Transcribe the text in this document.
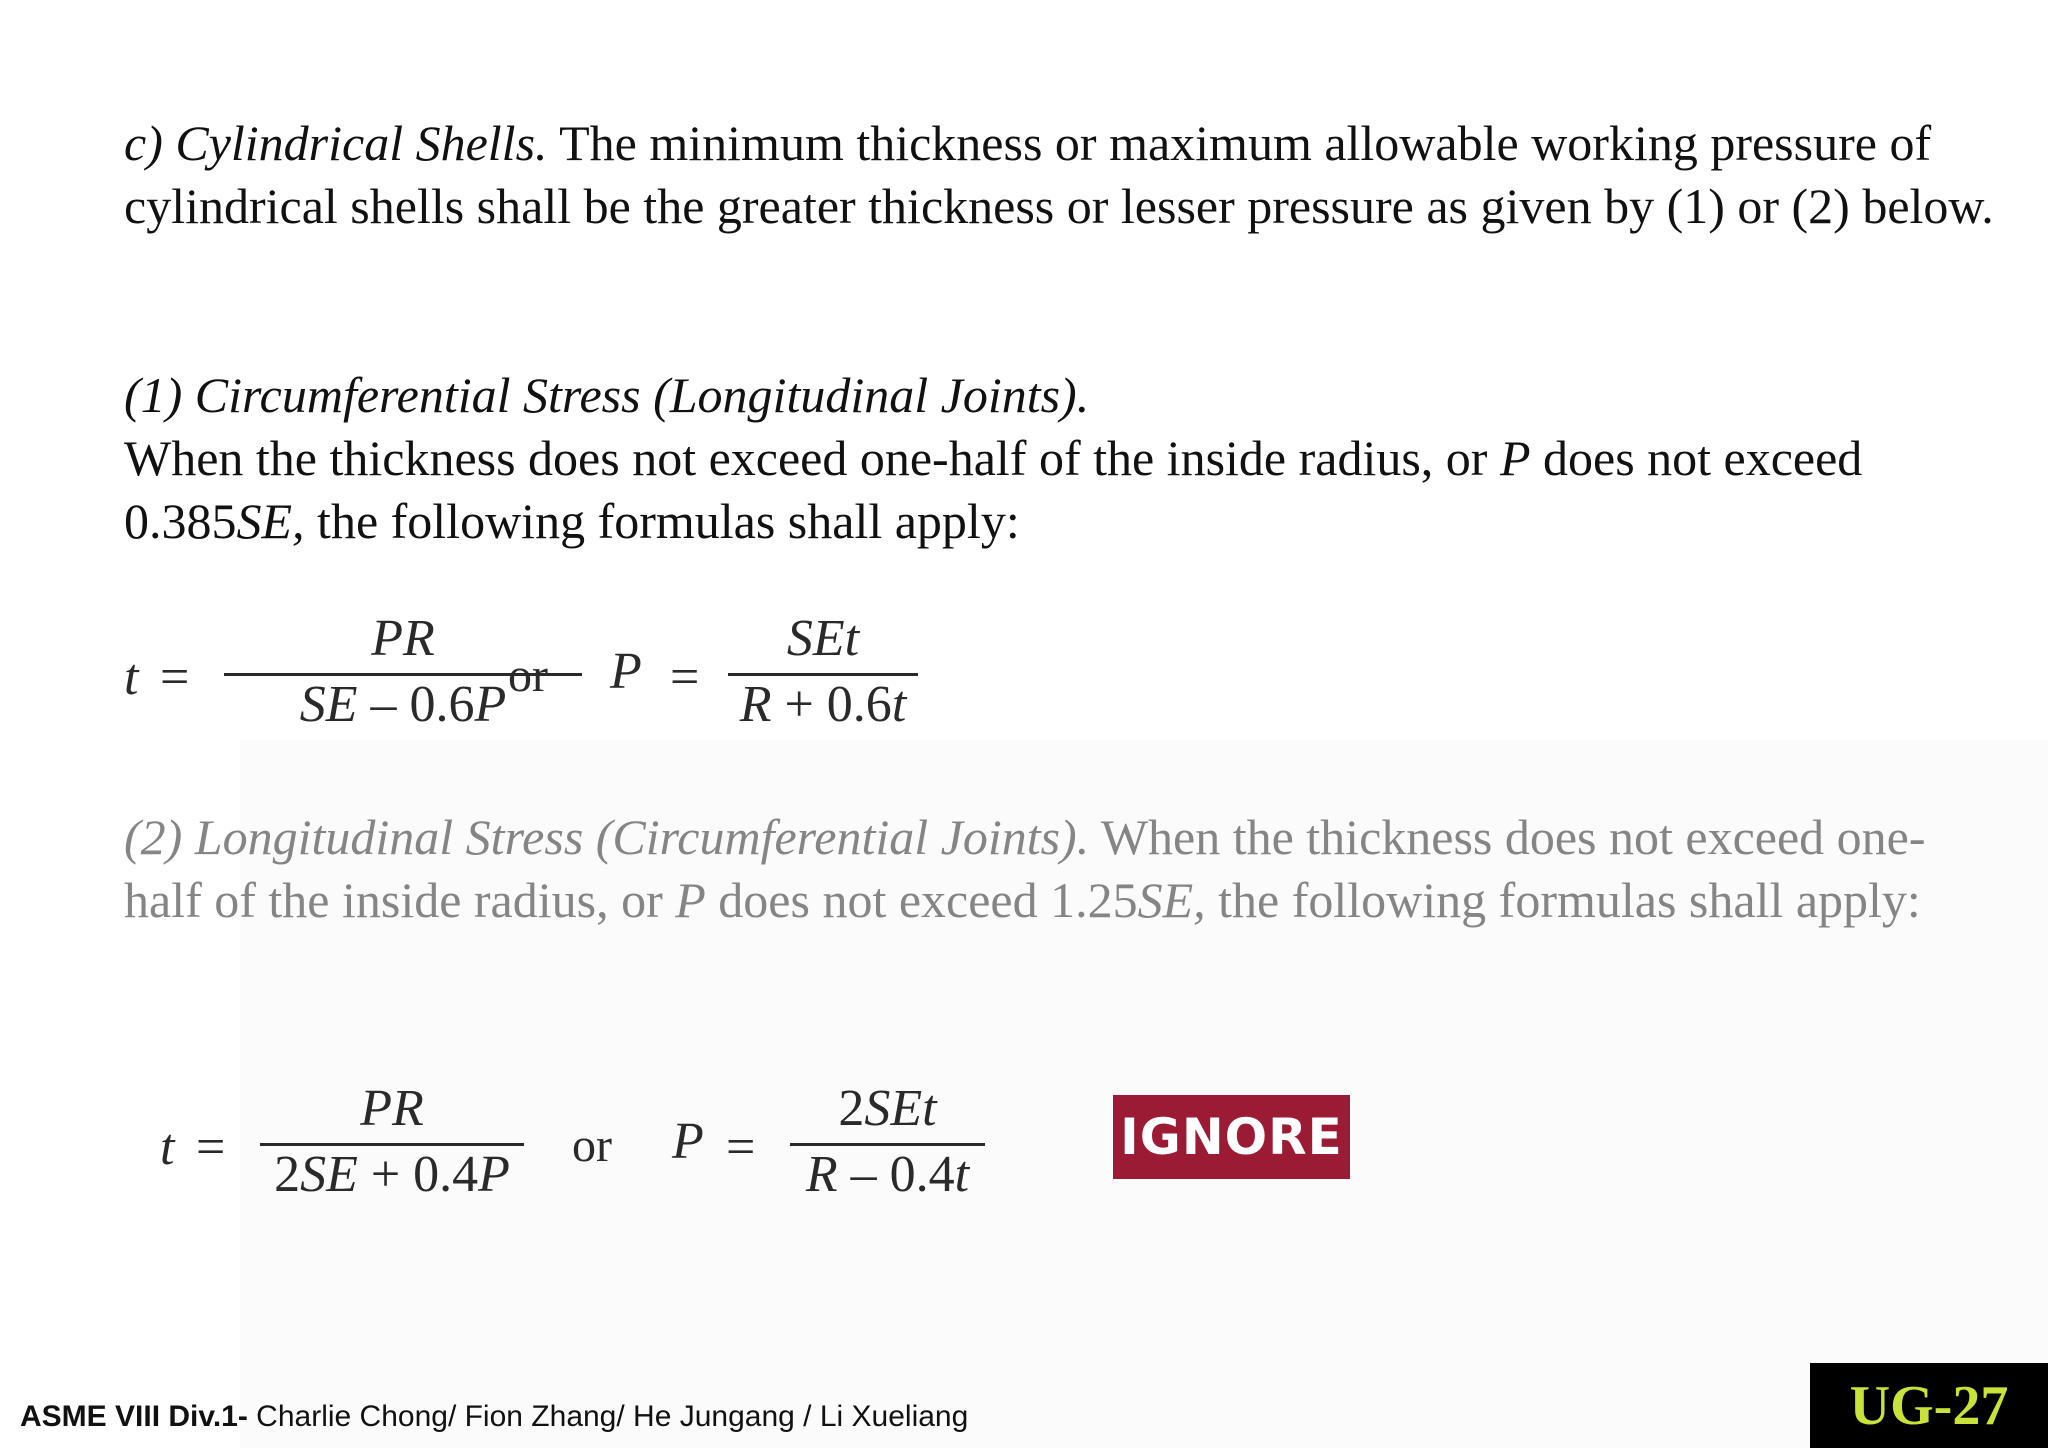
c) Cylindrical Shells. The minimum thickness or maximum allowable working pressure of cylindrical shells shall be the greater thickness or lesser pressure as given by (1) or (2) below.
(1) Circumferential Stress (Longitudinal Joints).
When the thickness does not exceed one-half of the inside radius, or P does not exceed 0.385SE, the following formulas shall apply:
t =
PR
SE – 0.6P
or P =
SEt
R + 0.6t
(2) Longitudinal Stress (Circumferential Joints). When the thickness does not exceed one-half of the inside radius, or P does not exceed 1.25SE, the following formulas shall apply:
t =
PR
2SE + 0.4P
or P =
2SEt
R – 0.4t
IGNORE
ASME VIII Div.1- Charlie Chong/ Fion Zhang/ He Jungang / Li Xueliang	UG-27
